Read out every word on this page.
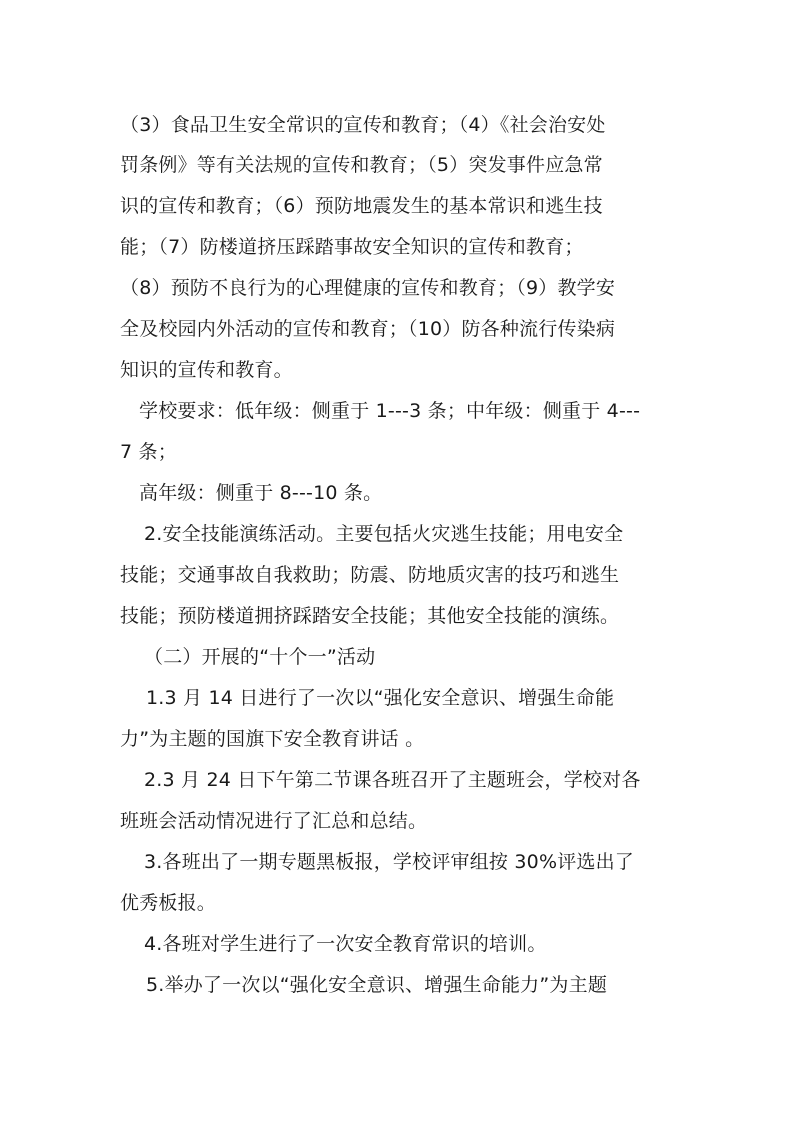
（3）食品卫生安全常识的宣传和教育；（4）《社会治安处
罚条例》等有关法规的宣传和教育；（5）突发事件应急常
识的宣传和教育；（6）预防地震发生的基本常识和逃生技
能；（7）防楼道挤压踩踏事故安全知识的宣传和教育；
（8）预防不良行为的心理健康的宣传和教育；（9）教学安
全及校园内外活动的宣传和教育；（10）防各种流行传染病
知识的宣传和教育。
学校要求：低年级：侧重于 1---3 条；中年级：侧重于 4---
7 条；
高年级：侧重于 8---10 条。
2.安全技能演练活动。主要包括火灾逃生技能；用电安全
技能；交通事故自我救助；防震、防地质灾害的技巧和逃生
技能；预防楼道拥挤踩踏安全技能；其他安全技能的演练。
（二）开展的“十个一”活动
1.3 月 14 日进行了一次以“强化安全意识、增强生命能
力”为主题的国旗下安全教育讲话 。
2.3 月 24 日下午第二节课各班召开了主题班会，学校对各
班班会活动情况进行了汇总和总结。
3.各班出了一期专题黑板报，学校评审组按 30%评选出了
优秀板报。
4.各班对学生进行了一次安全教育常识的培训。
5.举办了一次以“强化安全意识、增强生命能力”为主题
